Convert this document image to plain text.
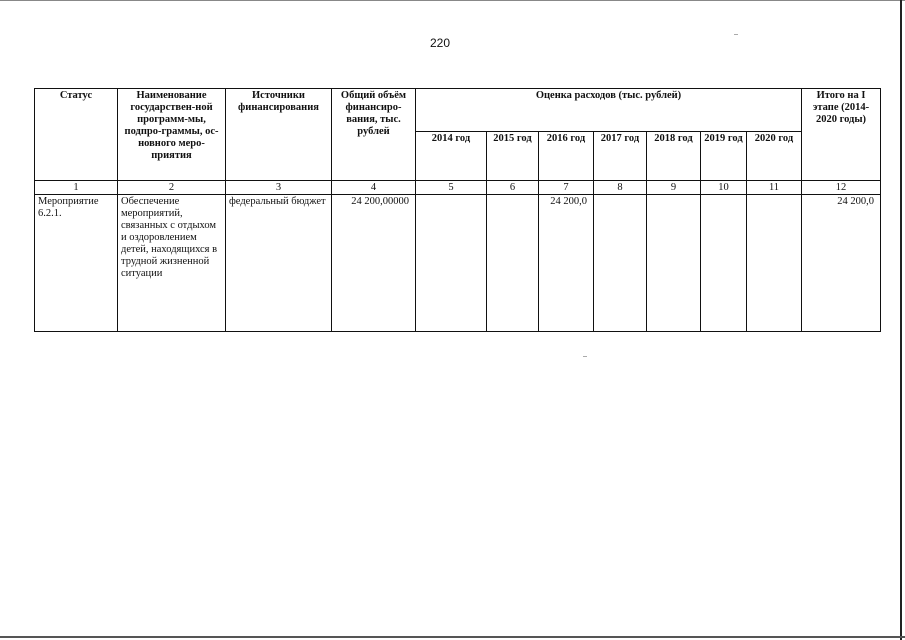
220
Статус	Наименование государствен-ной программ-мы, подпро-граммы, ос-новного меро-приятия	Источники финансирования	Общий объём финансиро-вания, тыс. рублей	Оценка расходов (тыс. рублей)							Итого на I этапе (2014-2020 годы)
				2014 год	2015 год	2016 год	2017 год	2018 год	2019 год	2020 год	
1	2	3	4	5	6	7	8	9	10	11	12
Мероприятие 6.2.1.	Обеспечение мероприятий, связанных с отдыхом и оздоровлением детей, находящихся в трудной жизненной ситуации	федеральный бюджет	24 200,00000			24 200,0					24 200,0
